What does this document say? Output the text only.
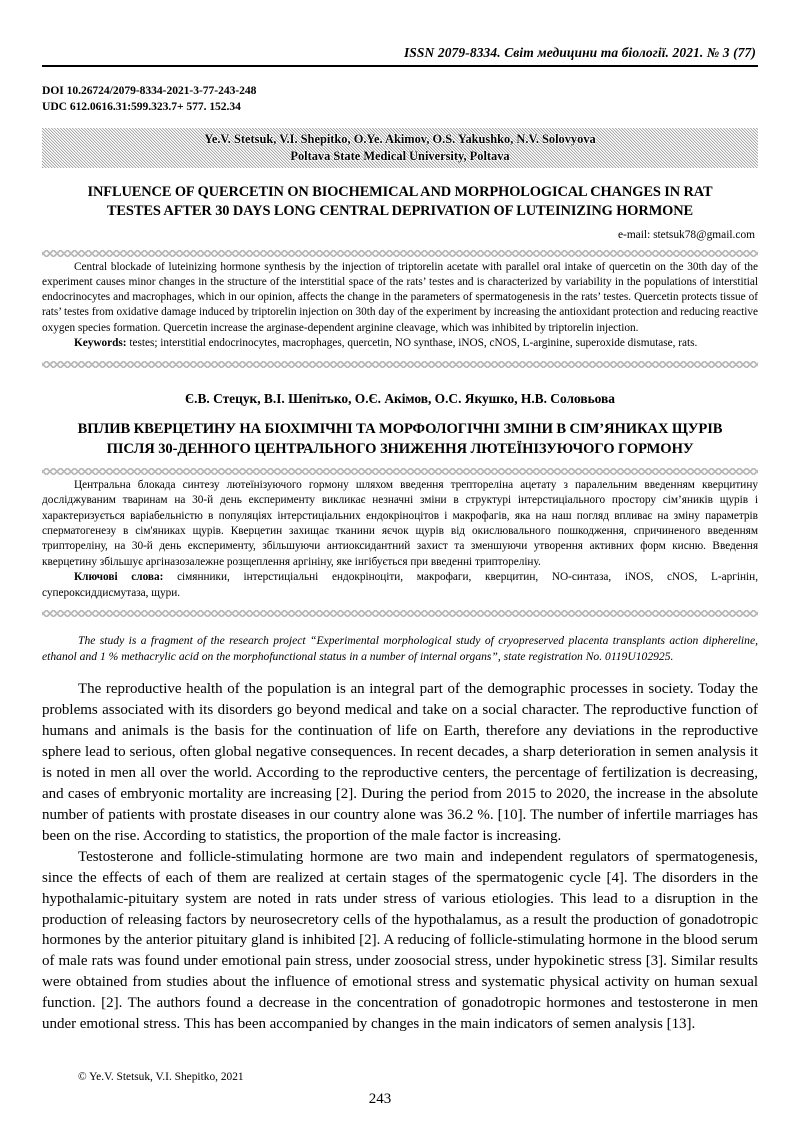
ISSN 2079-8334. Світ медицини та біології. 2021. № 3 (77)
DOI 10.26724/2079-8334-2021-3-77-243-248
UDC 612.0616.31:599.323.7+ 577. 152.34
Ye.V. Stetsuk, V.I. Shepitko, O.Ye. Akimov, O.S. Yakushko, N.V. Solovyova
Poltava State Medical University, Poltava
INFLUENCE OF QUERCETIN ON BIOCHEMICAL AND MORPHOLOGICAL CHANGES IN RAT TESTES AFTER 30 DAYS LONG CENTRAL DEPRIVATION OF LUTEINIZING HORMONE
e-mail: stetsuk78@gmail.com

Central blockade of luteinizing hormone synthesis by the injection of triptorelin acetate with parallel oral intake of quercetin on the 30th day of the experiment causes minor changes in the structure of the interstitial space of the rats’ testes and is characterized by variability in the populations of interstitial endocrinocytes and macrophages, which in our opinion, affects the change in the parameters of spermatogenesis in the rats’ testes. Quercetin protects tissue of rats’ testes from oxidative damage induced by triptorelin injection on 30th day of the experiment by increasing the antioxidant protection and reducing reactive oxygen species formation. Quercetin increase the arginase-dependent arginine cleavage, which was inhibited by triptorelin injection.

Keywords: testes; interstitial endocrinocytes, macrophages, quercetin, NO synthase, iNOS, cNOS, L-arginine, superoxide dismutase, rats.

Є.В. Стецук, В.І. Шепітько, О.Є. Акімов, О.С. Якушко, Н.В. Соловьова
ВПЛИВ КВЕРЦЕТИНУ НА БІОХІМІЧНІ ТА МОРФОЛОГІЧНІ ЗМІНИ В СІМ’ЯНИКАХ ЩУРІВ ПІСЛЯ 30-ДЕННОГО ЦЕНТРАЛЬНОГО ЗНИЖЕННЯ ЛЮТЕЇНІЗУЮЧОГО ГОРМОНУ

Центральна блокада синтезу лютеїнізуючого гормону шляхом введення трептореліна ацетату з паралельним введенням кверцитину досліджуваним тваринам на 30-й день експерименту викликає незначні зміни в структурі інтерстиціального простору сім’яників щурів і характеризується варіабельністю в популяціях інтерстиціальних ендокріноцітов і макрофагів, яка на наш погляд впливає на зміну параметрів сперматогенезу в сім'яниках щурів. Кверцетин захищає тканини яєчок щурів від окислювального пошкодження, спричиненого введенням триптореліну, на 30-й день експерименту, збільшуючи антиоксидантний захист та зменшуючи утворення активних форм кисню. Введення кверцетину збільшує аргіназозалежне розщеплення аргініну, яке інгібується при введенні триптореліну.

Ключові слова: сімянники, інтерстиціальні ендокріноціти, макрофаги, кверцитин, NO-синтаза, iNOS, cNOS, L-аргінін, супероксиддисмутаза, щури.

The study is a fragment of the research project “Experimental morphological study of cryopreserved placenta transplants action diphereline, ethanol and 1 % methacrylic acid on the morphofunctional status in a number of internal organs”, state registration No. 0119U102925.

The reproductive health of the population is an integral part of the demographic processes in society. Today the problems associated with its disorders go beyond medical and take on a social character. The reproductive function of humans and animals is the basis for the continuation of life on Earth, therefore any deviations in the reproductive sphere lead to serious, often global negative consequences. In recent decades, a sharp deterioration in semen analysis it is noted in men all over the world. According to the reproductive centers, the percentage of fertilization is decreasing, and cases of embryonic mortality are increasing [2]. During the period from 2015 to 2020, the increase in the absolute number of patients with prostate diseases in our country alone was 36.2 %. [10]. The number of infertile marriages has been on the rise. According to statistics, the proportion of the male factor is increasing.

Testosterone and follicle-stimulating hormone are two main and independent regulators of spermatogenesis, since the effects of each of them are realized at certain stages of the spermatogenic cycle [4]. The disorders in the hypothalamic-pituitary system are noted in rats under stress of various etiologies. This lead to a disruption in the production of releasing factors by neurosecretory cells of the hypothalamus, as a result the production of gonadotropic hormones by the anterior pituitary gland is inhibited [2]. A reducing of follicle-stimulating hormone in the blood serum of male rats was found under emotional pain stress, under zoosocial stress, under hypokinetic stress [3]. Similar results were obtained from studies about the influence of emotional stress and systematic physical activity on human sexual function. [2]. The authors found a decrease in the concentration of gonadotropic hormones and testosterone in men under emotional stress. This has been accompanied by changes in the main indicators of semen analysis [13].

© Ye.V. Stetsuk, V.I. Shepitko, 2021
243
